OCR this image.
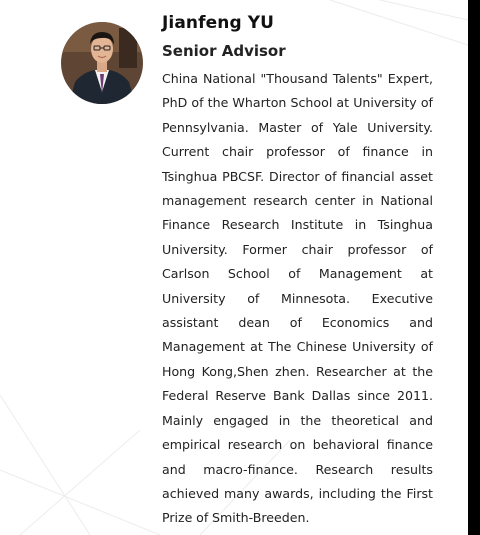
Jianfeng YU
Senior Advisor

China National "Thousand Talents" Expert, PhD of the Wharton School at University of Pennsylvania. Master of Yale University. Current chair professor of finance in Tsinghua PBCSF. Director of financial asset management research center in National Finance Research Institute in Tsinghua University. Former chair professor of Carlson School of Management at University of Minnesota. Executive assistant dean of Economics and Management at The Chinese University of Hong Kong,Shen zhen. Researcher at the Federal Reserve Bank Dallas since 2011. Mainly engaged in the theoretical and empirical research on behavioral finance and macro-finance. Research results achieved many awards, including the First Prize of Smith-Breeden.
